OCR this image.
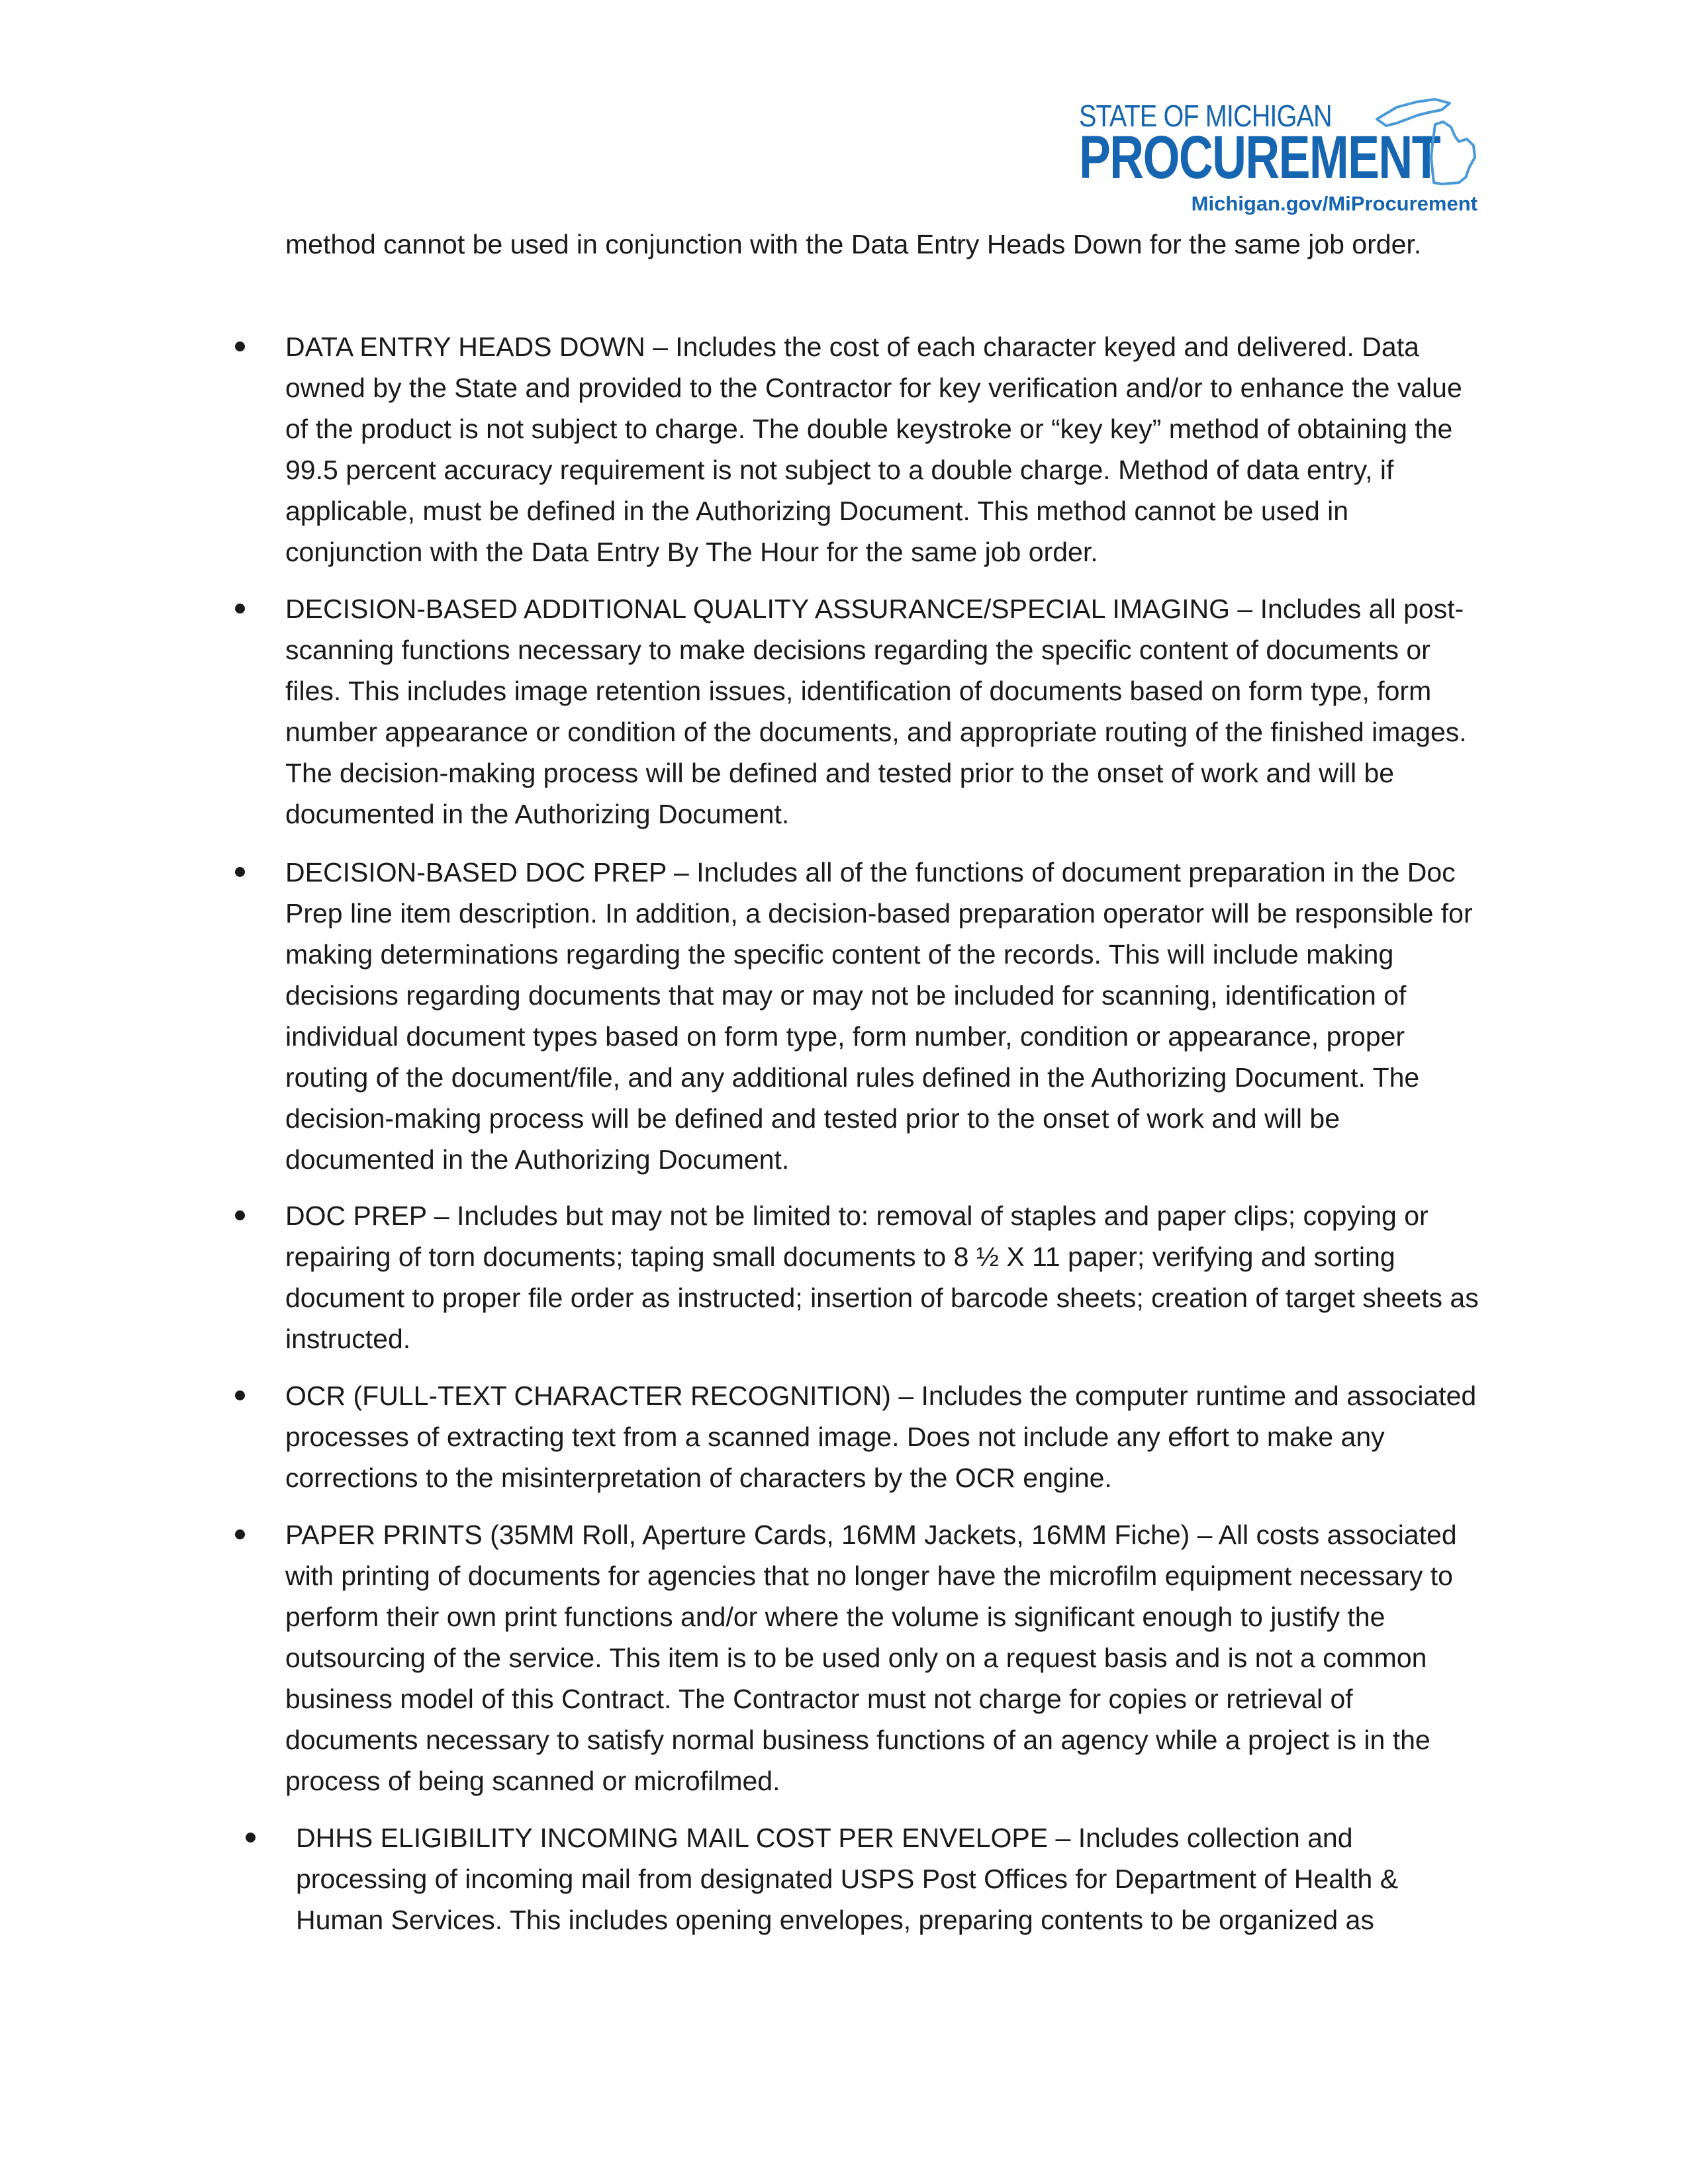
STATE OF MICHIGAN
PROCUREMENT
Michigan.gov/MiProcurement

method cannot be used in conjunction with the Data Entry Heads Down for the same job order.

DATA ENTRY HEADS DOWN – Includes the cost of each character keyed and delivered. Data owned by the State and provided to the Contractor for key verification and/or to enhance the value of the product is not subject to charge. The double keystroke or “key key” method of obtaining the 99.5 percent accuracy requirement is not subject to a double charge. Method of data entry, if applicable, must be defined in the Authorizing Document. This method cannot be used in conjunction with the Data Entry By The Hour for the same job order.

DECISION-BASED ADDITIONAL QUALITY ASSURANCE/SPECIAL IMAGING – Includes all post-scanning functions necessary to make decisions regarding the specific content of documents or files. This includes image retention issues, identification of documents based on form type, form number appearance or condition of the documents, and appropriate routing of the finished images. The decision-making process will be defined and tested prior to the onset of work and will be documented in the Authorizing Document.

DECISION-BASED DOC PREP – Includes all of the functions of document preparation in the Doc Prep line item description. In addition, a decision-based preparation operator will be responsible for making determinations regarding the specific content of the records. This will include making decisions regarding documents that may or may not be included for scanning, identification of individual document types based on form type, form number, condition or appearance, proper routing of the document/file, and any additional rules defined in the Authorizing Document. The decision-making process will be defined and tested prior to the onset of work and will be documented in the Authorizing Document.

DOC PREP – Includes but may not be limited to: removal of staples and paper clips; copying or repairing of torn documents; taping small documents to 8 ½ X 11 paper; verifying and sorting document to proper file order as instructed; insertion of barcode sheets; creation of target sheets as instructed.

OCR (FULL-TEXT CHARACTER RECOGNITION) – Includes the computer runtime and associated processes of extracting text from a scanned image. Does not include any effort to make any corrections to the misinterpretation of characters by the OCR engine.

PAPER PRINTS (35MM Roll, Aperture Cards, 16MM Jackets, 16MM Fiche) – All costs associated with printing of documents for agencies that no longer have the microfilm equipment necessary to perform their own print functions and/or where the volume is significant enough to justify the outsourcing of the service. This item is to be used only on a request basis and is not a common business model of this Contract. The Contractor must not charge for copies or retrieval of documents necessary to satisfy normal business functions of an agency while a project is in the process of being scanned or microfilmed.

DHHS ELIGIBILITY INCOMING MAIL COST PER ENVELOPE – Includes collection and processing of incoming mail from designated USPS Post Offices for Department of Health & Human Services. This includes opening envelopes, preparing contents to be organized as
